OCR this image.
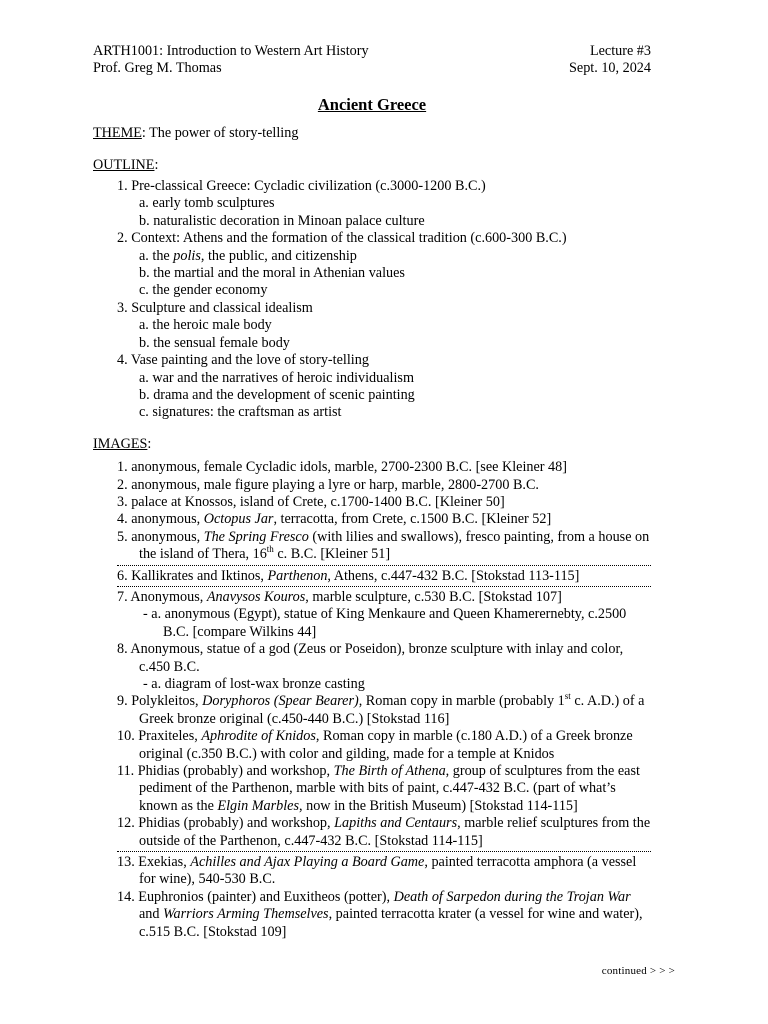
ARTH1001: Introduction to Western Art History	Lecture #3
Prof. Greg M. Thomas	Sept. 10, 2024
Ancient Greece
THEME: The power of story-telling
OUTLINE:
1. Pre-classical Greece: Cycladic civilization (c.3000-1200 B.C.)
a. early tomb sculptures
b. naturalistic decoration in Minoan palace culture
2. Context: Athens and the formation of the classical tradition (c.600-300 B.C.)
a. the polis, the public, and citizenship
b. the martial and the moral in Athenian values
c. the gender economy
3. Sculpture and classical idealism
a. the heroic male body
b. the sensual female body
4. Vase painting and the love of story-telling
a. war and the narratives of heroic individualism
b. drama and the development of scenic painting
c. signatures: the craftsman as artist
IMAGES:
1. anonymous, female Cycladic idols, marble, 2700-2300 B.C. [see Kleiner 48]
2. anonymous, male figure playing a lyre or harp, marble, 2800-2700 B.C.
3. palace at Knossos, island of Crete, c.1700-1400 B.C. [Kleiner 50]
4. anonymous, Octopus Jar, terracotta, from Crete, c.1500 B.C. [Kleiner 52]
5. anonymous, The Spring Fresco (with lilies and swallows), fresco painting, from a house on the island of Thera, 16th c. B.C. [Kleiner 51]
6. Kallikrates and Iktinos, Parthenon, Athens, c.447-432 B.C. [Stokstad 113-115]
7. Anonymous, Anavysos Kouros, marble sculpture, c.530 B.C. [Stokstad 107]
- a. anonymous (Egypt), statue of King Menkaure and Queen Khamerernebty, c.2500 B.C. [compare Wilkins 44]
8. Anonymous, statue of a god (Zeus or Poseidon), bronze sculpture with inlay and color, c.450 B.C.
- a. diagram of lost-wax bronze casting
9. Polykleitos, Doryphoros (Spear Bearer), Roman copy in marble (probably 1st c. A.D.) of a Greek bronze original (c.450-440 B.C.) [Stokstad 116]
10. Praxiteles, Aphrodite of Knidos, Roman copy in marble (c.180 A.D.) of a Greek bronze original (c.350 B.C.) with color and gilding, made for a temple at Knidos
11. Phidias (probably) and workshop, The Birth of Athena, group of sculptures from the east pediment of the Parthenon, marble with bits of paint, c.447-432 B.C. (part of what’s known as the Elgin Marbles, now in the British Museum) [Stokstad 114-115]
12. Phidias (probably) and workshop, Lapiths and Centaurs, marble relief sculptures from the outside of the Parthenon, c.447-432 B.C. [Stokstad 114-115]
13. Exekias, Achilles and Ajax Playing a Board Game, painted terracotta amphora (a vessel for wine), 540-530 B.C.
14. Euphronios (painter) and Euxitheos (potter), Death of Sarpedon during the Trojan War and Warriors Arming Themselves, painted terracotta krater (a vessel for wine and water), c.515 B.C. [Stokstad 109]
continued > > >
